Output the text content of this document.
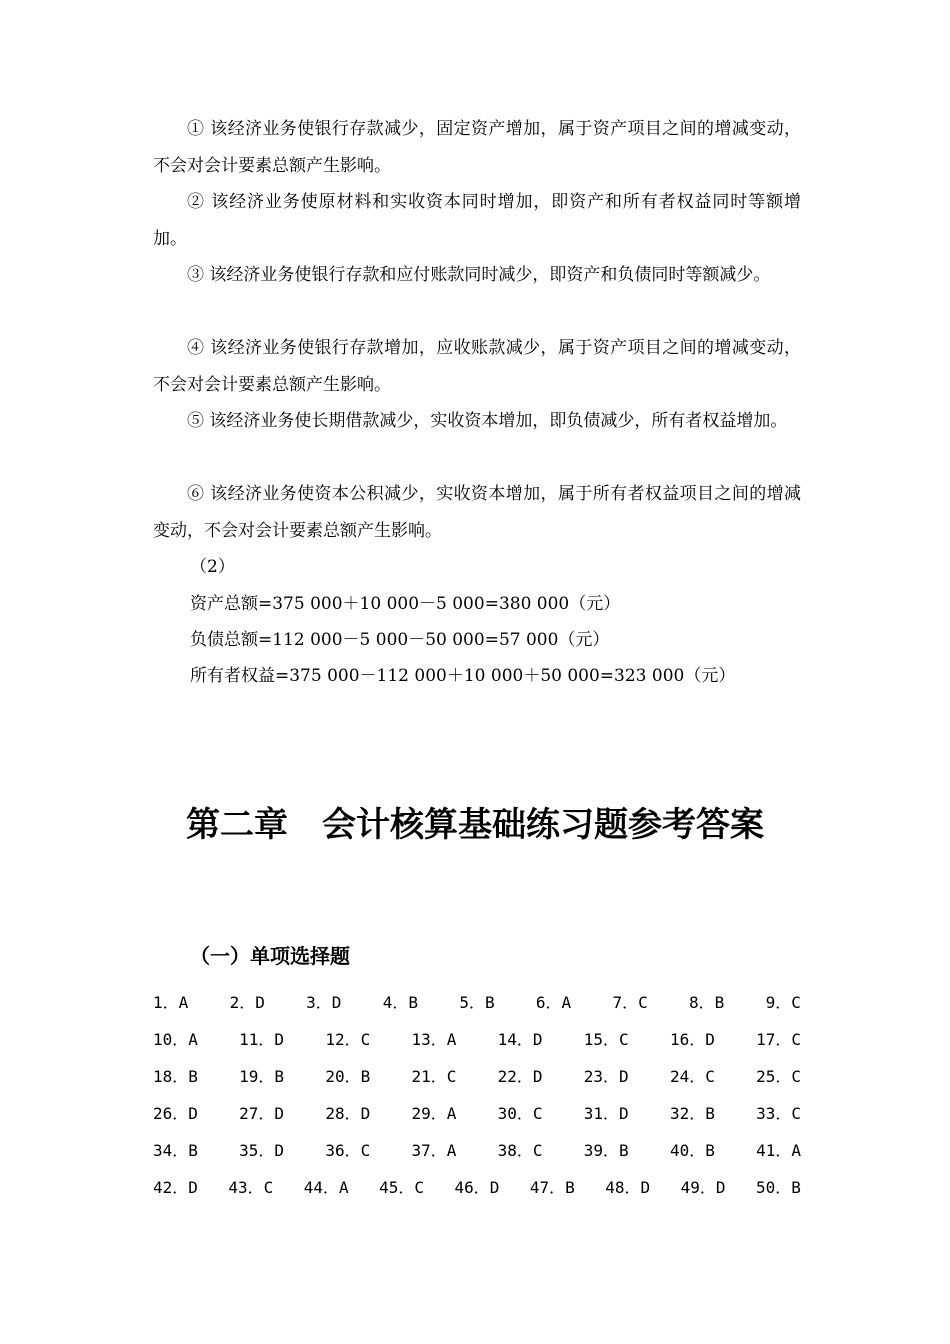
① 该经济业务使银行存款减少，固定资产增加，属于资产项目之间的增减变动，不会对会计要素总额产生影响。

② 该经济业务使原材料和实收资本同时增加，即资产和所有者权益同时等额增加。

③ 该经济业务使银行存款和应付账款同时减少，即资产和负债同时等额减少。

④ 该经济业务使银行存款增加，应收账款减少，属于资产项目之间的增减变动，不会对会计要素总额产生影响。

⑤ 该经济业务使长期借款减少，实收资本增加，即负债减少，所有者权益增加。

⑥ 该经济业务使资本公积减少，实收资本增加，属于所有者权益项目之间的增减变动，不会对会计要素总额产生影响。

（2）

资产总额=375 000＋10 000－5 000=380 000（元）

负债总额=112 000－5 000－50 000=57 000（元）

所有者权益=375 000－112 000＋10 000＋50 000=323 000（元）

第二章　会计核算基础练习题参考答案
（一）单项选择题
1．A	2．D	3．D	4．B	5．B	6．A	7．C	8．B	9．C
10．A	11．D	12．C	13．A	14．D	15．C	16．D	17．C
18．B	19．B	20．B	21．C	22．D	23．D	24．C	25．C
26．D	27．D	28．D	29．A	30．C	31．D	32．B	33．C
34．B	35．D	36．C	37．A	38．C	39．B	40．B	41．A
42．D 43．C 44．A 45．C 46．D 47．B 48．D 49．D 50．B
